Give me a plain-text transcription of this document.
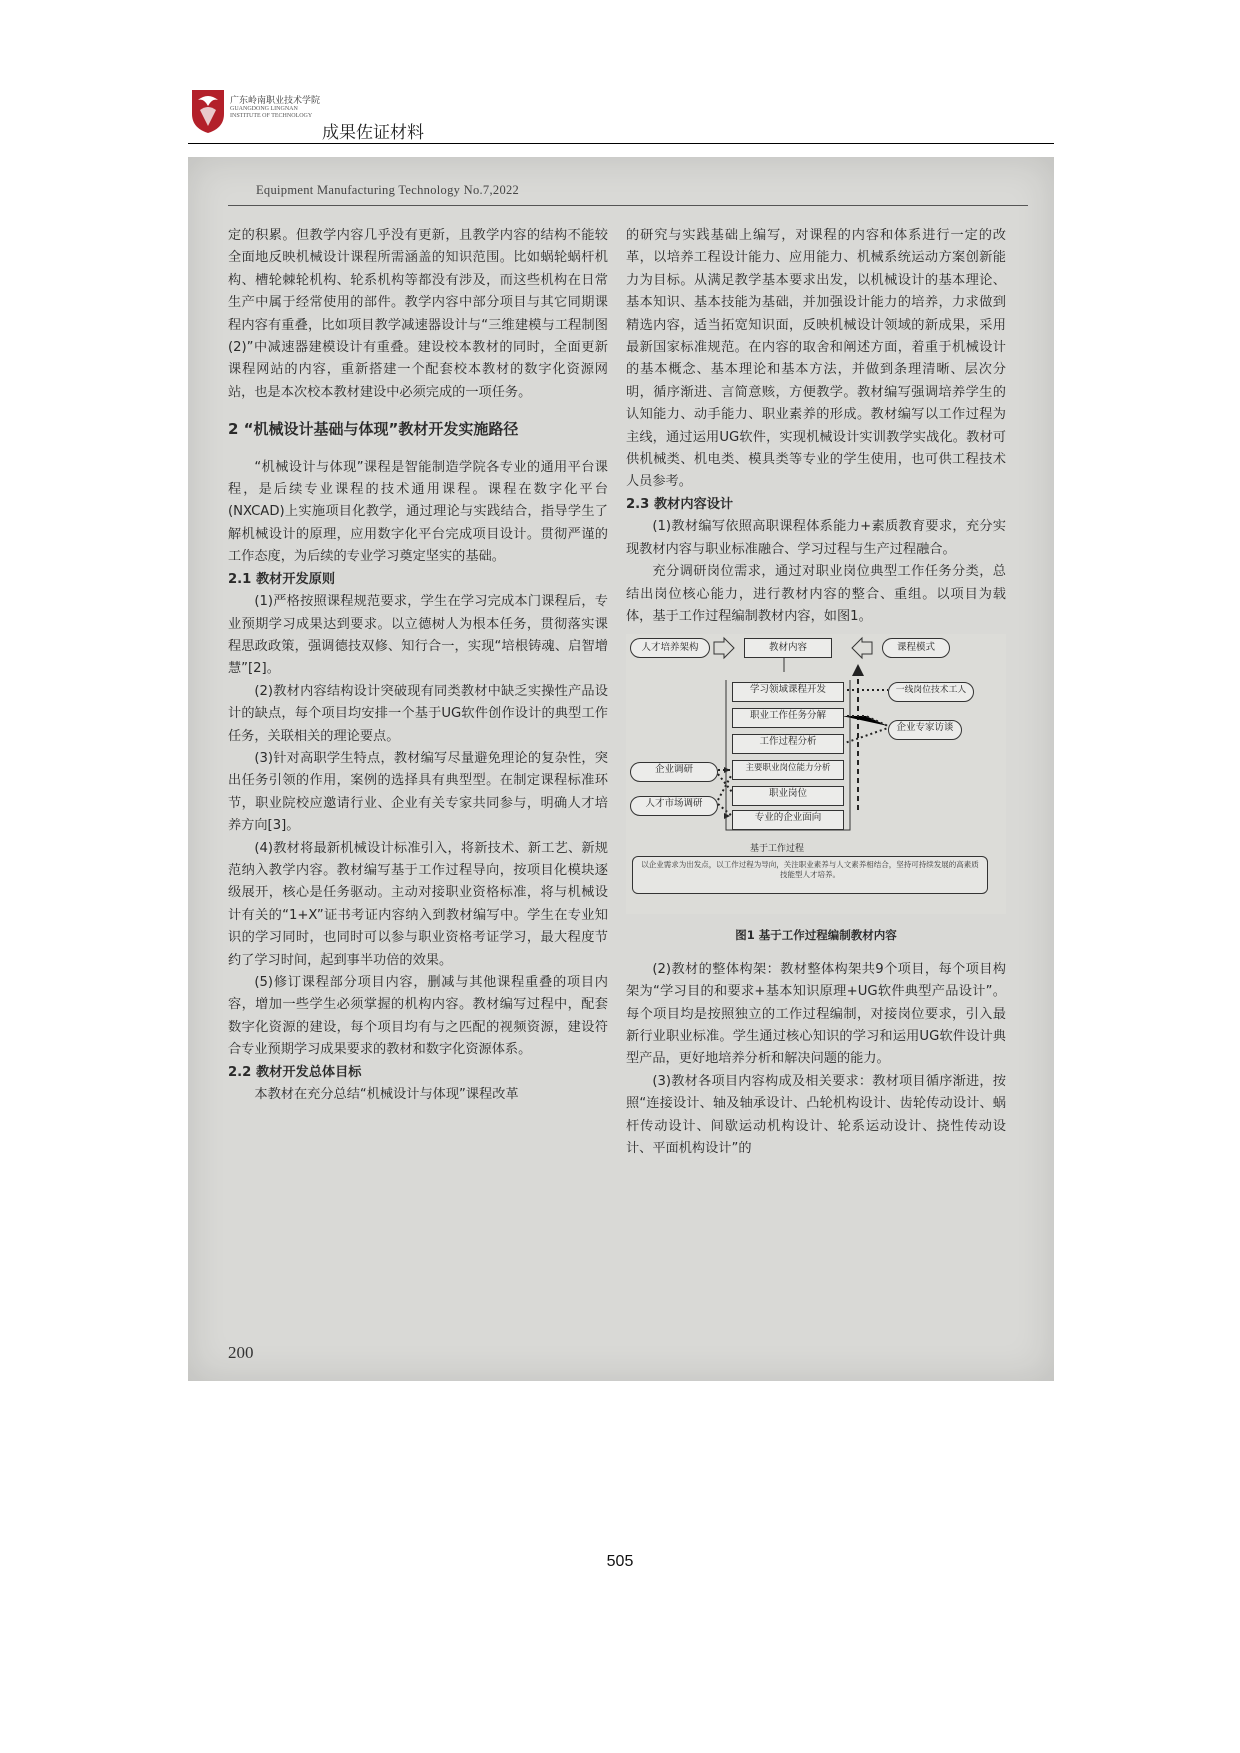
广东岭南职业技术学院
GUANGDONG LINGNAN
INSTITUTE OF TECHNOLOGY
成果佐证材料
Equipment Manufacturing Technology No.7,2022

定的积累。但教学内容几乎没有更新，且教学内容的结构不能较全面地反映机械设计课程所需涵盖的知识范围。比如蜗轮蜗杆机构、槽轮棘轮机构、轮系机构等都没有涉及，而这些机构在日常生产中属于经常使用的部件。教学内容中部分项目与其它同期课程内容有重叠，比如项目教学减速器设计与“三维建模与工程制图(2)”中减速器建模设计有重叠。建设校本教材的同时，全面更新课程网站的内容，重新搭建一个配套校本教材的数字化资源网站，也是本次校本教材建设中必须完成的一项任务。

2 “机械设计基础与体现”教材开发实施路径

“机械设计与体现”课程是智能制造学院各专业的通用平台课程，是后续专业课程的技术通用课程。课程在数字化平台(NXCAD)上实施项目化教学，通过理论与实践结合，指导学生了解机械设计的原理，应用数字化平台完成项目设计。贯彻严谨的工作态度，为后续的专业学习奠定坚实的基础。

2.1 教材开发原则

(1)严格按照课程规范要求，学生在学习完成本门课程后，专业预期学习成果达到要求。以立德树人为根本任务，贯彻落实课程思政政策，强调德技双修、知行合一，实现“培根铸魂、启智增慧”[2]。

(2)教材内容结构设计突破现有同类教材中缺乏实操性产品设计的缺点，每个项目均安排一个基于UG软件创作设计的典型工作任务，关联相关的理论要点。

(3)针对高职学生特点，教材编写尽量避免理论的复杂性，突出任务引领的作用，案例的选择具有典型型。在制定课程标准环节，职业院校应邀请行业、企业有关专家共同参与，明确人才培养方向[3]。

(4)教材将最新机械设计标准引入，将新技术、新工艺、新规范纳入教学内容。教材编写基于工作过程导向，按项目化模块逐级展开，核心是任务驱动。主动对接职业资格标准，将与机械设计有关的“1+X”证书考证内容纳入到教材编写中。学生在专业知识的学习同时，也同时可以参与职业资格考证学习，最大程度节约了学习时间，起到事半功倍的效果。

(5)修订课程部分项目内容，删减与其他课程重叠的项目内容，增加一些学生必须掌握的机构内容。教材编写过程中，配套数字化资源的建设，每个项目均有与之匹配的视频资源，建设符合专业预期学习成果要求的教材和数字化资源体系。

2.2 教材开发总体目标

本教材在充分总结“机械设计与体现”课程改革

的研究与实践基础上编写，对课程的内容和体系进行一定的改革，以培养工程设计能力、应用能力、机械系统运动方案创新能力为目标。从满足教学基本要求出发，以机械设计的基本理论、基本知识、基本技能为基础，并加强设计能力的培养，力求做到精选内容，适当拓宽知识面，反映机械设计领域的新成果，采用最新国家标准规范。在内容的取舍和阐述方面，着重于机械设计的基本概念、基本理论和基本方法，并做到条理清晰、层次分明，循序渐进、言简意赅，方便教学。教材编写强调培养学生的认知能力、动手能力、职业素养的形成。教材编写以工作过程为主线，通过运用UG软件，实现机械设计实训教学实战化。教材可供机械类、机电类、模具类等专业的学生使用，也可供工程技术人员参考。

2.3 教材内容设计

(1)教材编写依照高职课程体系能力+素质教育要求，充分实现教材内容与职业标准融合、学习过程与生产过程融合。

充分调研岗位需求，通过对职业岗位典型工作任务分类，总结出岗位核心能力，进行教材内容的整合、重组。以项目为载体，基于工作过程编制教材内容，如图1。

人才培养架构	教材内容	课程模式
学习领域课程开发
职业工作任务分解
工作过程分析
主要职业岗位能力分析
职业岗位
专业的企业面向
一线岗位技术工人
企业专家访谈
企业调研
人才市场调研
基于工作过程
以企业需求为出发点，以工作过程为导向，关注职业素养与人文素养相结合，坚持可持续发展的高素质技能型人才培养。
图1 基于工作过程编制教材内容

(2)教材的整体构架：教材整体构架共9个项目，每个项目构架为“学习目的和要求+基本知识原理+UG软件典型产品设计”。每个项目均是按照独立的工作过程编制，对接岗位要求，引入最新行业职业标准。学生通过核心知识的学习和运用UG软件设计典型产品，更好地培养分析和解决问题的能力。

(3)教材各项目内容构成及相关要求：教材项目循序渐进，按照“连接设计、轴及轴承设计、凸轮机构设计、齿轮传动设计、蜗杆传动设计、间歇运动机构设计、轮系运动设计、挠性传动设计、平面机构设计”的

200
505
